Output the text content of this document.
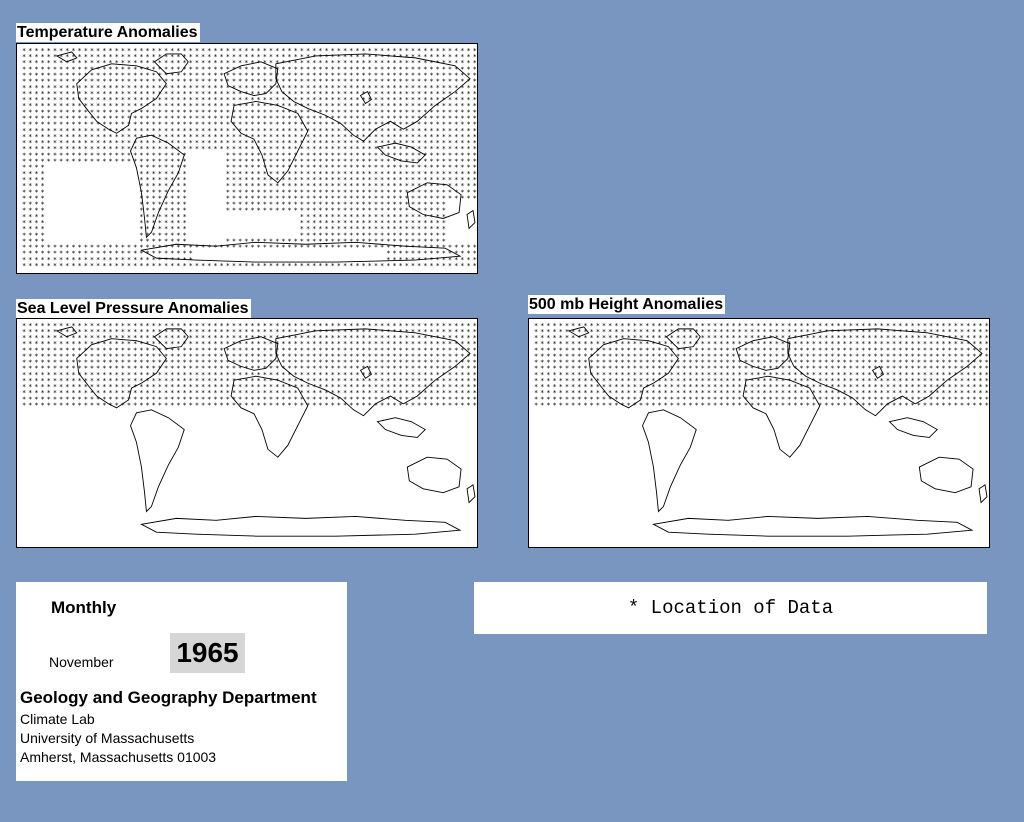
Temperature Anomalies
* * * * * * * * * * * * * * * * * * * * * * * * * * * * * * * * * * * * * * * * * * * * * * * * * * * * * * * * * * * * * * * * * * * * * * * * * *
* * * * * * * * * * * * * * * * * * * * * * * * * * * * * * * * * * * * * * * * * * * * * * * * * * * * * * * * * * * * * * * * * * * * * * * * * *
* * * * * * * * * * * * * * * * * * * * * * * * * * * * * * * * * * * * * * * * * * * * * * * * * * * * * * * * * * * * * * * * * * * * * * * * * *
* * * * * * * * * * * * * * * * * * * * * * * * * * * * * * * * * * * * * * * * * * * * * * * * * * * * * * * * * * * * * * * * * * * * * * * * * *
* * * * * * * * * * * * * * * * * * * * * * * * * * * * * * * * * * * * * * * * * * * * * * * * * * * * * * * * * * * * * * * * * * * * * * * * * *
* * * * * * * * * * * * * * * * * * * * * * * * * * * * * * * * * * * * * * * * * * * * * * * * * * * * * * * * * * * * * * * * * * * * * * * * * *
* * * * * * * * * * * * * * * * * * * * * * * * * * * * * * * * * * * * * * * * * * * * * * * * * * * * * * * * * * * * * * * * * * * * * * * * * *
* * * * * * * * * * * * * * * * * * * * * * * * * * * * * * * * * * * * * * * * * * * * * * * * * * * * * * * * * * * * * * * * * * * * * * * * * *
* * * * * * * * * * * * * * * * * * * * * * * * * * * * * * * * * * * * * * * * * * * * * * * * * * * * * * * * * * * * * * * * * * * * * * * * * *
* * * * * * * * * * * * * * * * * * * * * * * * * * * * * * * * * * * * * * * * * * * * * * * * * * * * * * * * * * * * * * * * * * * * * * * * * *
* * * * * * * * * * * * * * * * * * * * * * * * * * * * * * * * * * * * * * * * * * * * * * * * * * * * * * * * * * * * * * * * * * * * * * * * * *
* * * * * * * * * * * * * * * * * * * * * * * * * * * * * * * * * * * * * * * * * * * * * * * * * * * * * * * * * * * * * * * * * * * * * * * * * *
* * * * * * * * * * * * * * * * * * * * * * * * * * * * * * * * * * * * * * * * * * * * * * * * * * * * * * * * * * * * * * * * * * * * * * * * * *
* * * * * * * * * * * * * * * * * * * * * * * * * * * * * * * * * * * * * * * * * * * * * * * * * * * * * * * * * * * * * * * * * * * * * * * * * *
* * * * * * * * * * * * * * * * * * * * * * * * * * * * * * * * * * * * * * * * * * * * * * * * * * * * * * * * * * * * * * * * * * * * * * * * * *
* * * * * * * * * * * * * * * * * * * * * * * * * * * * * * * * * * * * * * * * * * * * * * * * * * * * * * * * * * * * * * * * * * * * * * * * * *
* * * * * * * * * * * * * * * * * * * * * * * * * * * * * * * * * * * * * * * * * * * * * * * * * * * * * * * * * * * * * * * * * * * * * * * * * *
* * * * * * * * * * * * * * * * * * * * * * * * * * *	* * * * * * * * * * * * * * * * * * * * * * * * * * * * * * * * * * * * * * * * *
* * * * * * * * * * * * * * * * * * * * * * * * * * *	* * * * * * * * * * * * * * * * * * * * * * * * * * * * * * * * * * * * * * * * *
* * * *	* * * * * * * *	* * * * * * * * * * * * * * * * * * * * * * * * * * * * * * * * * * * * * * * * *
* * * *	* * * * * * * *	* * * * * * * * * * * * * * * * * * * * * * * * * * * * * * * * * * * * * * * * *
* * * *	* * * * * * * *	* * * * * * * * * * * * * * * * * * * * * * * * * * * * * * * * * * * * * * * * *
* * * *	* * * * * * * *	* * * * * * * * * * * * * * * * * * * * * * * * * * * * * * * * * * * * * * * * *
* * * *	* * * * * * * *	* * * * * * * * * * * * * * * * * * * * * * * * * * * * * * * * * * * * * * * * *
* * * *	* * * * * * * *	* * * * * * * * * * * * * * * * * * * * * * * * * * * * * * * * * * * * * * * * *
* * * *	* * * * * * * *	* * * * * * * * * * * * * * * * * * * * * * * * * * * * * * * * * * * *
* * * *	* * * * * * * *	* * * * * * * * * * * * * * * * * * * * * * * * * * * * * * * * * * * *
* * * *	* * * * * * * *	* * * * * * * * * * * * * * * * * * * * * * * *
* * * *	* * * * * * * *	* * * * * * * * * * * * * * * * * * * * * * * *
* * * *	* * * * * * * *	* * * * * * * * * * * * * * * * * * * * * * * *
* * * *	* * * * * * * *	* * * * * * * * * * * * * * * * * * * * * * * *
* * * *	* * * * * * * *	* * * * * * * * * * * * * * * * * * * * * * * * * * * * * * * * * * * *
* * * * * * * * * * * * * * * * * * * * * * * * * * * * * * * * * * * * * * * * * * * * * * * * * * * * * * * * * * * * * * * * * * * * * * * * * *
* * * * * * * * * * * * * * * * * * * * * * * * * * * *	* * * * * * * * * * * * * * *
* * * * * * * * * * * * * * * * * * * * * * * * * * * *	* * * * * * * * * * * * * * *
* * * * * * * * * * * * * * * * * * * * * * * * * * * * * * * * * * * * * * * * * * * * * * * * * * * * * * * * * * * * * * * * * * * * * * * * * *
Sea Level Pressure Anomalies
* * * * * * * * * * * * * * * * * * * * * * * * * * * * * * * * * * * * * * * * * * * * * * * * * * * * * * * * * * * * * * * * * * * * * * * * * *
* * * * * * * * * * * * * * * * * * * * * * * * * * * * * * * * * * * * * * * * * * * * * * * * * * * * * * * * * * * * * * * * * * * * * * * * * *
* * * * * * * * * * * * * * * * * * * * * * * * * * * * * * * * * * * * * * * * * * * * * * * * * * * * * * * * * * * * * * * * * * * * * * * * * *
* * * * * * * * * * * * * * * * * * * * * * * * * * * * * * * * * * * * * * * * * * * * * * * * * * * * * * * * * * * * * * * * * * * * * * * * * *
* * * * * * * * * * * * * * * * * * * * * * * * * * * * * * * * * * * * * * * * * * * * * * * * * * * * * * * * * * * * * * * * * * * * * * * * * *
* * * * * * * * * * * * * * * * * * * * * * * * * * * * * * * * * * * * * * * * * * * * * * * * * * * * * * * * * * * * * * * * * * * * * * * * * *
* * * * * * * * * * * * * * * * * * * * * * * * * * * * * * * * * * * * * * * * * * * * * * * * * * * * * * * * * * * * * * * * * * * * * * * * * *
* * * * * * * * * * * * * * * * * * * * * * * * * * * * * * * * * * * * * * * * * * * * * * * * * * * * * * * * * * * * * * * * * * * * * * * * * *
* * * * * * * * * * * * * * * * * * * * * * * * * * * * * * * * * * * * * * * * * * * * * * * * * * * * * * * * * * * * * * * * * * * * * * * * * *
* * * * * * * * * * * * * * * * * * * * * * * * * * * * * * * * * * * * * * * * * * * * * * * * * * * * * * * * * * * * * * * * * * * * * * * * * *
* * * * * * * * * * * * * * * * * * * * * * * * * * * * * * * * * * * * * * * * * * * * * * * * * * * * * * * * * * * * * * * * * * * * * * * * * *
* * * * * * * * * * * * * * * * * * * * * * * * * * * * * * * * * * * * * * * * * * * * * * * * * * * * * * * * * * * * * * * * * * * * * * * * * *
* * * * * * * * * * * * * * * * * * * * * * * * * * * * * * * * * * * * * * * * * * * * * * * * * * * * * * * * * * * * * * * * * * * * * * * * * *
* * * * * * * * * * * * * * * * * * * * * * * * * * * * * * * * * * * * * * * * * * * * * * * * * * * * * * * * * * * * * * * * * * * * * * * * * *
500 mb Height Anomalies
* * * * * * * * * * * * * * * * * * * * * * * * * * * * * * * * * * * * * * * * * * * * * * * * * * * * * * * * * * * * * * * * * * * * * * * * * *
* * * * * * * * * * * * * * * * * * * * * * * * * * * * * * * * * * * * * * * * * * * * * * * * * * * * * * * * * * * * * * * * * * * * * * * * * *
* * * * * * * * * * * * * * * * * * * * * * * * * * * * * * * * * * * * * * * * * * * * * * * * * * * * * * * * * * * * * * * * * * * * * * * * * *
* * * * * * * * * * * * * * * * * * * * * * * * * * * * * * * * * * * * * * * * * * * * * * * * * * * * * * * * * * * * * * * * * * * * * * * * * *
* * * * * * * * * * * * * * * * * * * * * * * * * * * * * * * * * * * * * * * * * * * * * * * * * * * * * * * * * * * * * * * * * * * * * * * * * *
* * * * * * * * * * * * * * * * * * * * * * * * * * * * * * * * * * * * * * * * * * * * * * * * * * * * * * * * * * * * * * * * * * * * * * * * * *
* * * * * * * * * * * * * * * * * * * * * * * * * * * * * * * * * * * * * * * * * * * * * * * * * * * * * * * * * * * * * * * * * * * * * * * * * *
* * * * * * * * * * * * * * * * * * * * * * * * * * * * * * * * * * * * * * * * * * * * * * * * * * * * * * * * * * * * * * * * * * * * * * * * * *
* * * * * * * * * * * * * * * * * * * * * * * * * * * * * * * * * * * * * * * * * * * * * * * * * * * * * * * * * * * * * * * * * * * * * * * * * *
* * * * * * * * * * * * * * * * * * * * * * * * * * * * * * * * * * * * * * * * * * * * * * * * * * * * * * * * * * * * * * * * * * * * * * * * * *
* * * * * * * * * * * * * * * * * * * * * * * * * * * * * * * * * * * * * * * * * * * * * * * * * * * * * * * * * * * * * * * * * * * * * * * * * *
* * * * * * * * * * * * * * * * * * * * * * * * * * * * * * * * * * * * * * * * * * * * * * * * * * * * * * * * * * * * * * * * * * * * * * * * * *
* * * * * * * * * * * * * * * * * * * * * * * * * * * * * * * * * * * * * * * * * * * * * * * * * * * * * * * * * * * * * * * * * * * * * * * * * *
* * * * * * * * * * * * * * * * * * * * * * * * * * * * * * * * * * * * * * * * * * * * * * * * * * * * * * * * * * * * * * * * * * * * * * * * * *
Monthly
November 1965
Geology and Geography Department
Climate Lab
University of Massachusetts
Amherst, Massachusetts 01003
* Location of Data
